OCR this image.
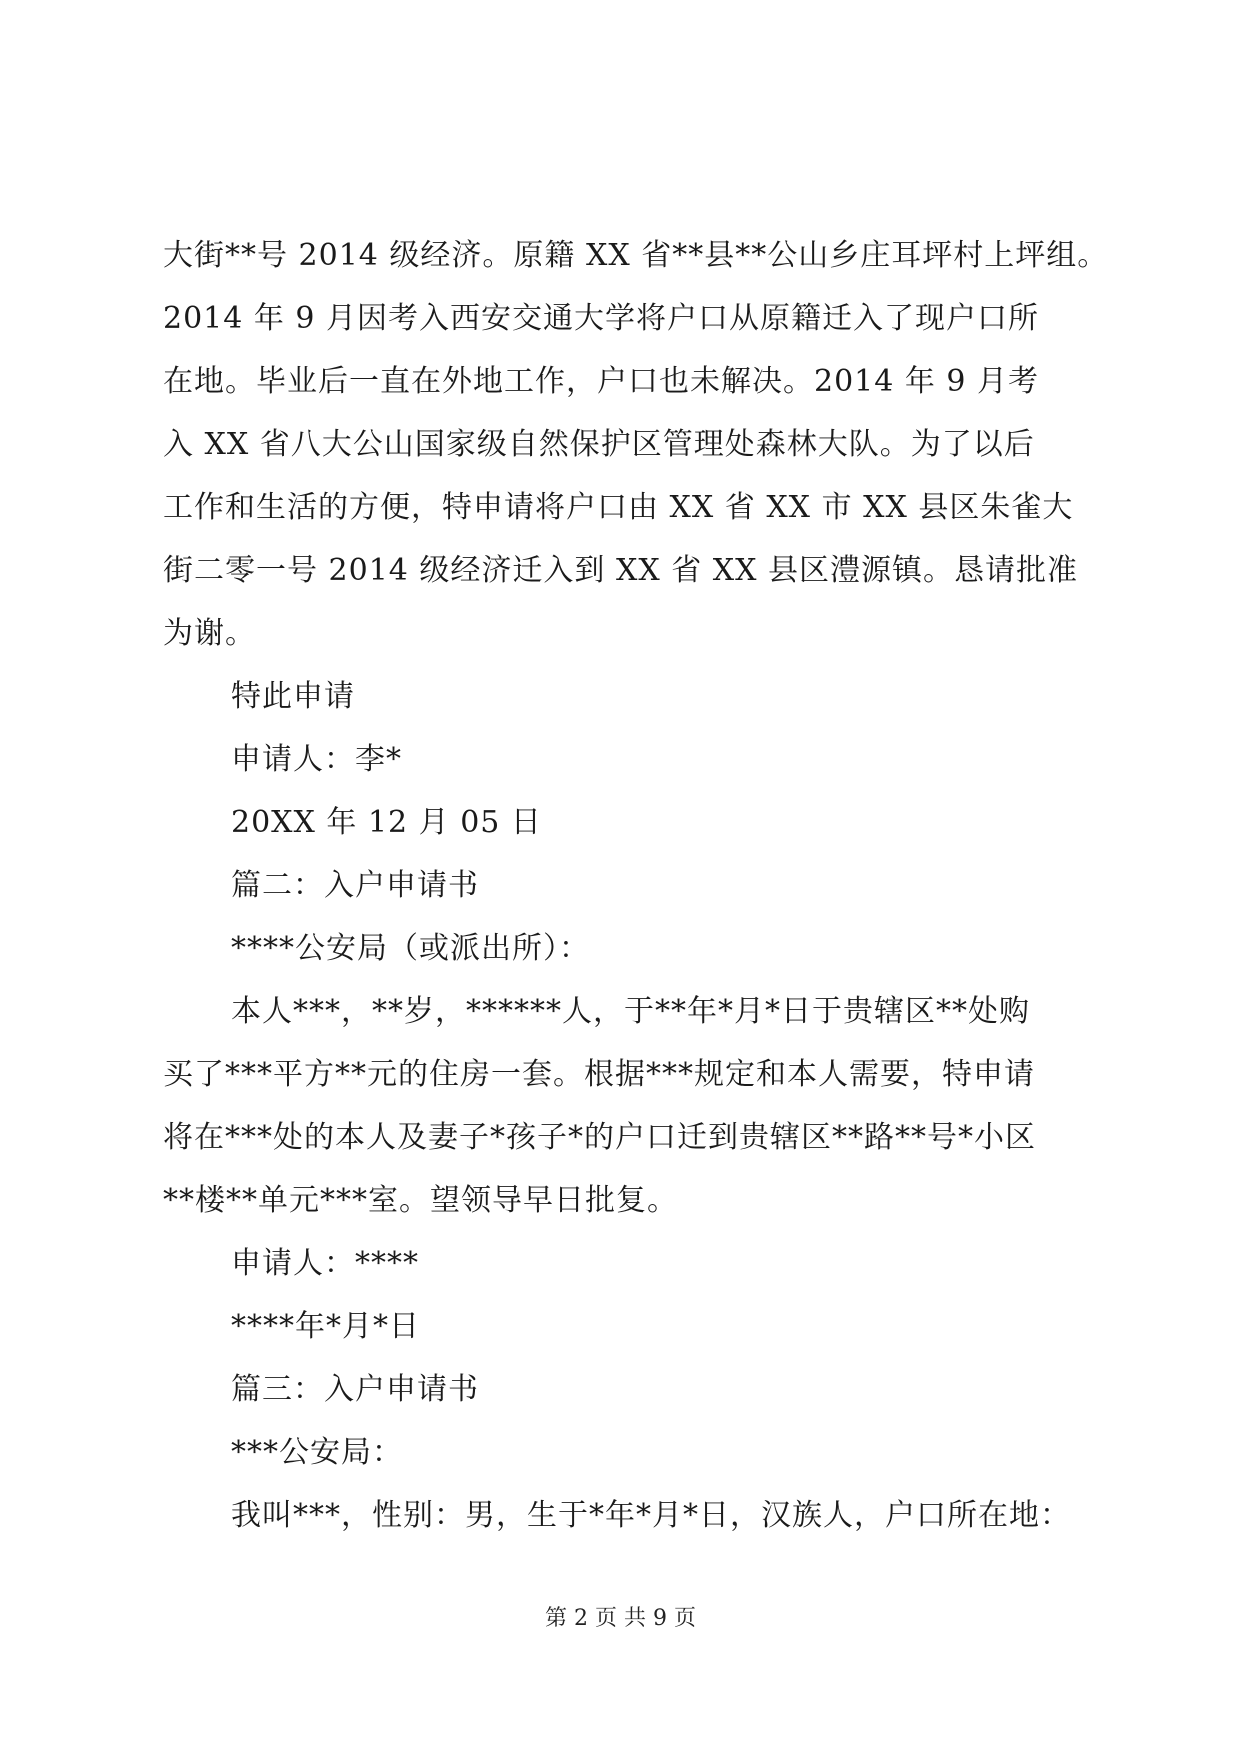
大街**号 2014 级经济。原籍 XX 省**县**公山乡庄耳坪村上坪组。
2014 年 9 月因考入西安交通大学将户口从原籍迁入了现户口所
在地。毕业后一直在外地工作，户口也未解决。2014 年 9 月考
入 XX 省八大公山国家级自然保护区管理处森林大队。为了以后
工作和生活的方便，特申请将户口由 XX 省 XX 市 XX 县区朱雀大
街二零一号 2014 级经济迁入到 XX 省 XX 县区澧源镇。恳请批准
为谢。
特此申请
申请人：李*
20XX 年 12 月 05 日
篇二：入户申请书
****公安局（或派出所）：
本人***，**岁，******人，于**年*月*日于贵辖区**处购
买了***平方**元的住房一套。根据***规定和本人需要，特申请
将在***处的本人及妻子*孩子*的户口迁到贵辖区**路**号*小区
**楼**单元***室。望领导早日批复。
申请人：****
****年*月*日
篇三：入户申请书
***公安局：
我叫***，性别：男，生于*年*月*日，汉族人，户口所在地：
第 2 页 共 9 页
